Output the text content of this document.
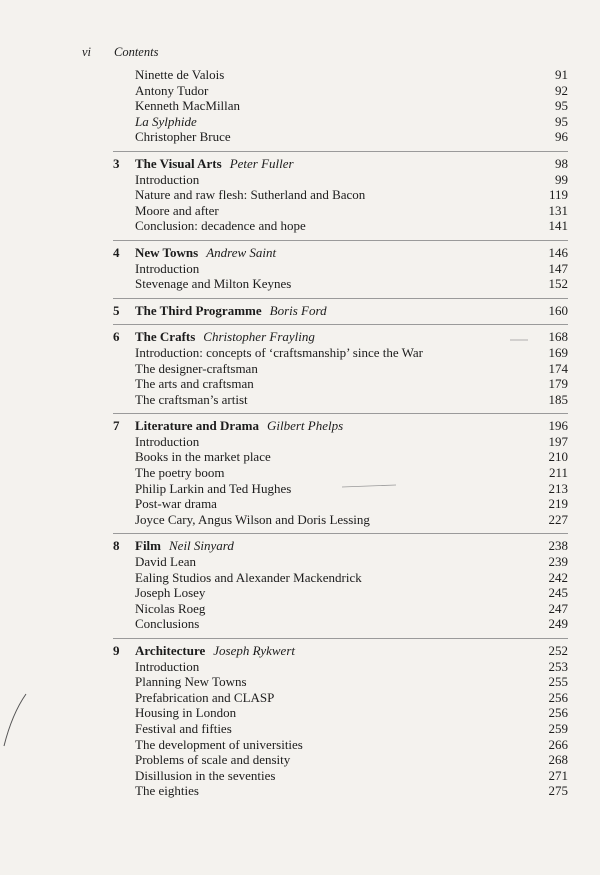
vi Contents
Ninette de Valois	91
Antony Tudor	92
Kenneth MacMillan	95
La Sylphide	95
Christopher Bruce	96
3 The Visual Arts Peter Fuller	98
Introduction	99
Nature and raw flesh: Sutherland and Bacon	119
Moore and after	131
Conclusion: decadence and hope	141
4 New Towns Andrew Saint	146
Introduction	147
Stevenage and Milton Keynes	152
5 The Third Programme Boris Ford	160
6 The Crafts Christopher Frayling	168
Introduction: concepts of ‘craftsmanship’ since the War	169
The designer-craftsman	174
The arts and craftsman	179
The craftsman’s artist	185
7 Literature and Drama Gilbert Phelps	196
Introduction	197
Books in the market place	210
The poetry boom	211
Philip Larkin and Ted Hughes	213
Post-war drama	219
Joyce Cary, Angus Wilson and Doris Lessing	227
8 Film Neil Sinyard	238
David Lean	239
Ealing Studios and Alexander Mackendrick	242
Joseph Losey	245
Nicolas Roeg	247
Conclusions	249
9 Architecture Joseph Rykwert	252
Introduction	253
Planning New Towns	255
Prefabrication and CLASP	256
Housing in London	256
Festival and fifties	259
The development of universities	266
Problems of scale and density	268
Disillusion in the seventies	271
The eighties	275
